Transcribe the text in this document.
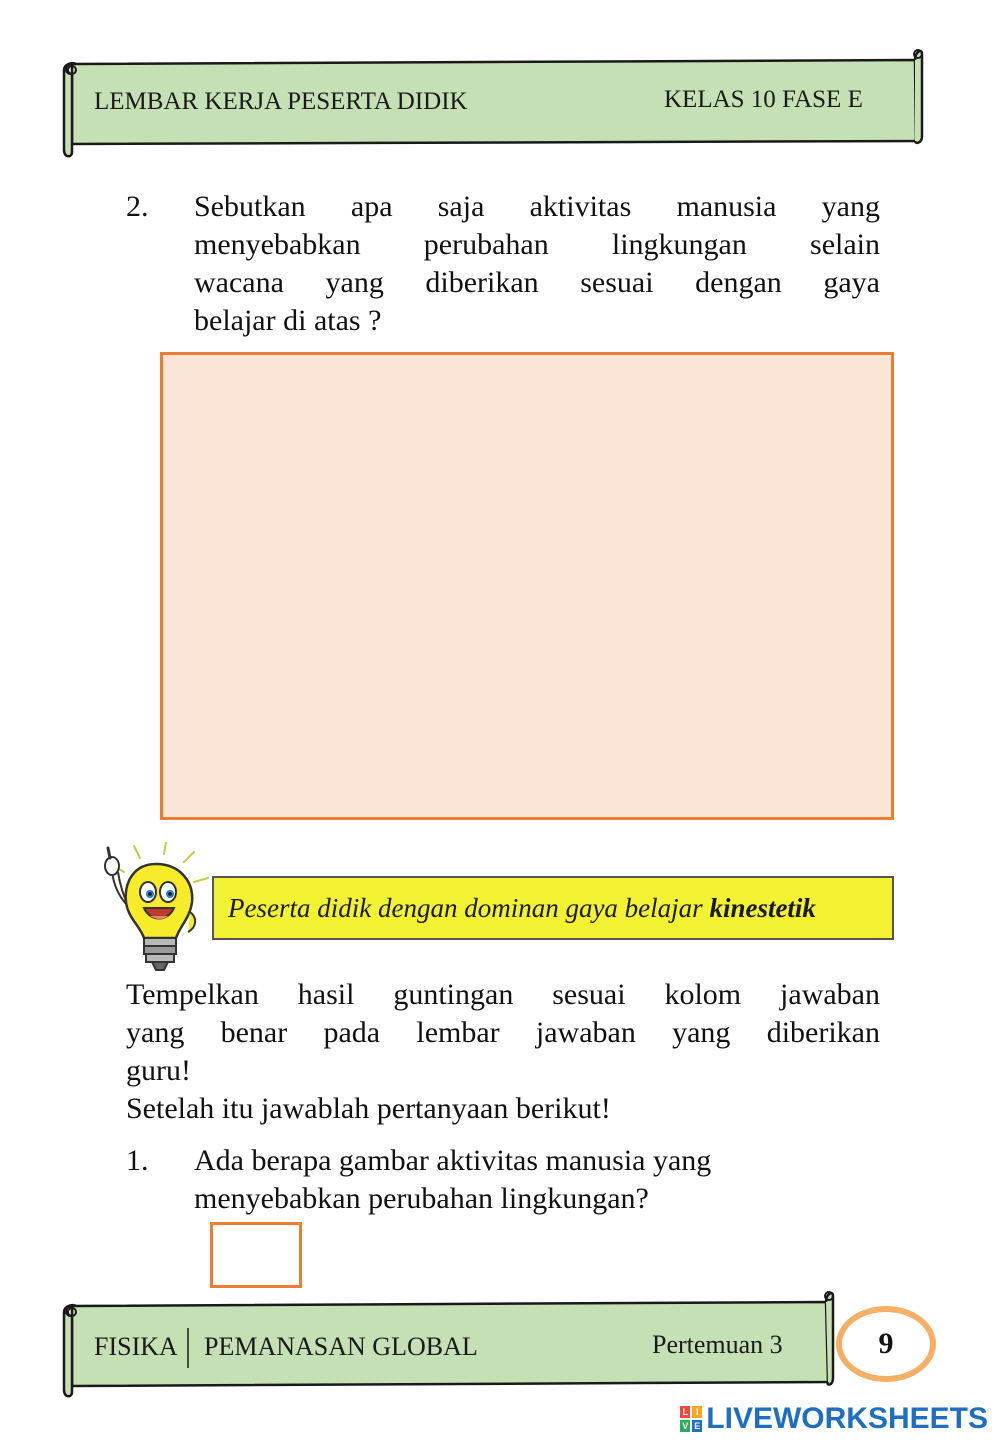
LEMBAR KERJA PESERTA DIDIK	KELAS 10 FASE E
2. Sebutkan apa saja aktivitas manusia yang
menyebabkan perubahan lingkungan selain
wacana yang diberikan sesuai dengan gaya
belajar di atas ?
Peserta didik dengan dominan gaya belajar kinestetik
Tempelkan hasil guntingan sesuai kolom jawaban
yang benar pada lembar jawaban yang diberikan
guru!
Setelah itu jawablah pertanyaan berikut!
1. Ada berapa gambar aktivitas manusia yang
menyebabkan perubahan lingkungan?
FISIKA PEMANASAN GLOBAL	Pertemuan 3	9
L I
V E LIVEWORKSHEETS
